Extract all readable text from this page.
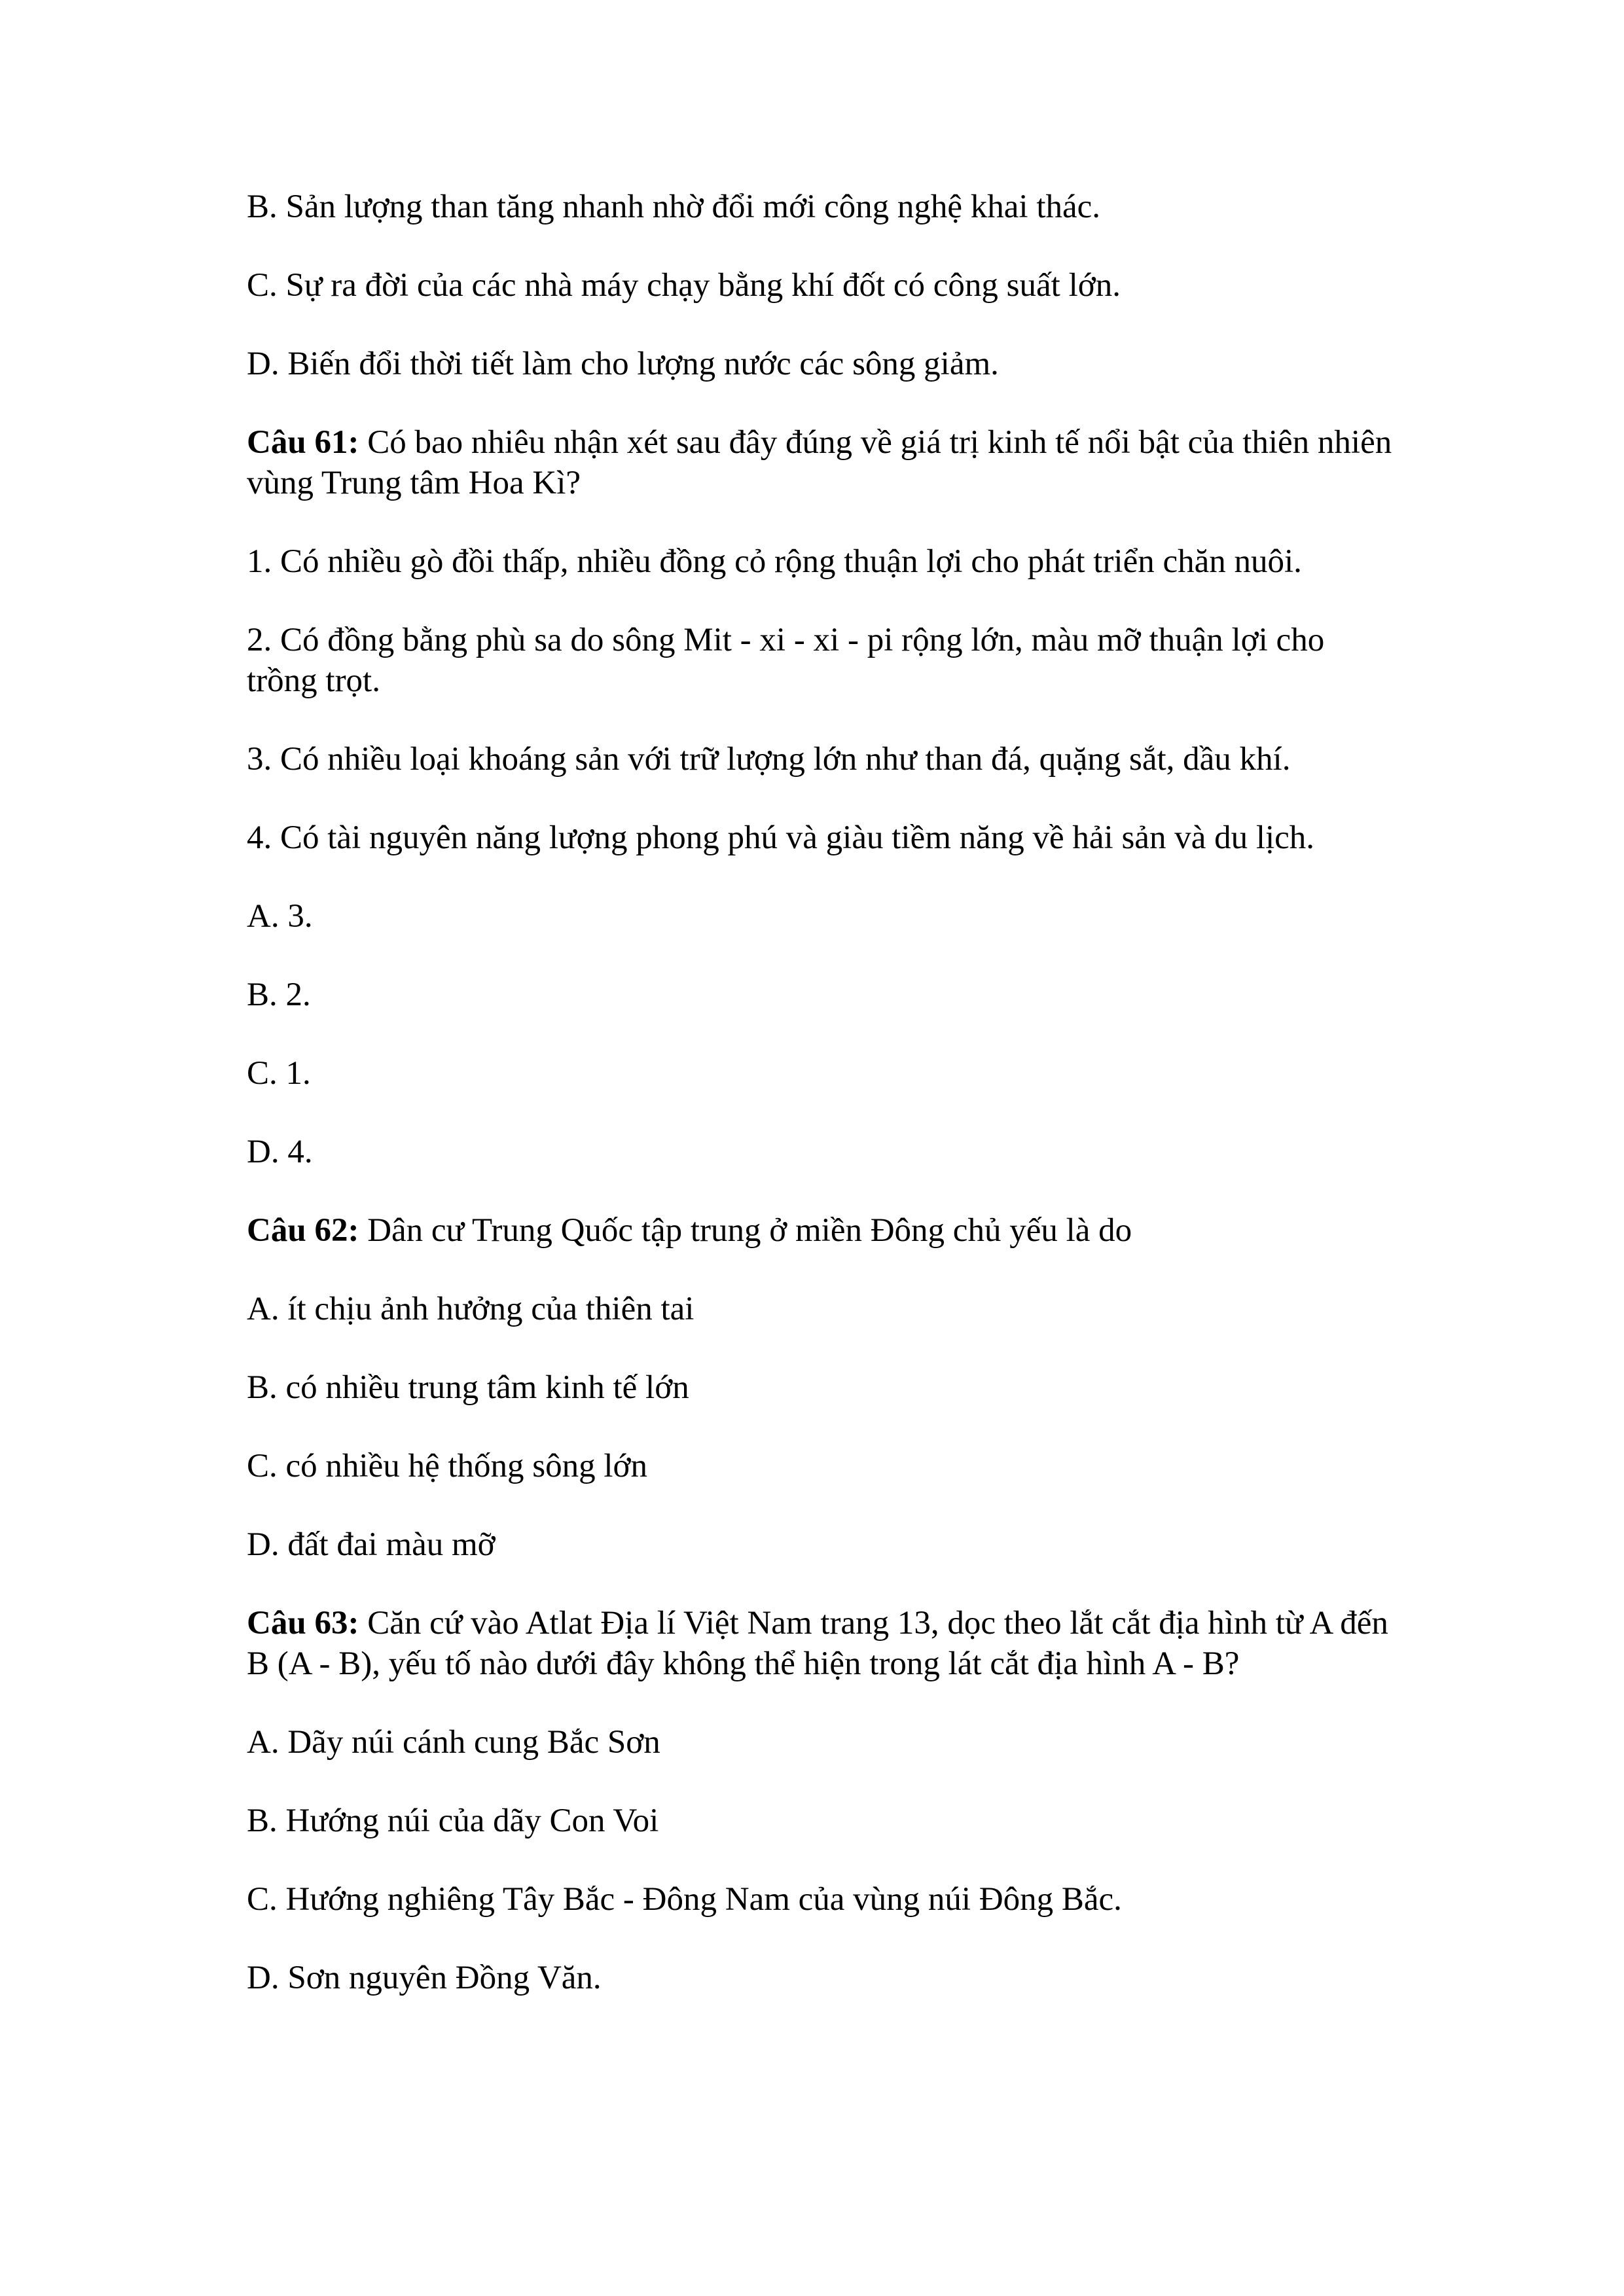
B. Sản lượng than tăng nhanh nhờ đổi mới công nghệ khai thác.

C. Sự ra đời của các nhà máy chạy bằng khí đốt có công suất lớn.

D. Biến đổi thời tiết làm cho lượng nước các sông giảm.

Câu 61: Có bao nhiêu nhận xét sau đây đúng về giá trị kinh tế nổi bật của thiên nhiên vùng Trung tâm Hoa Kì?

1. Có nhiều gò đồi thấp, nhiều đồng cỏ rộng thuận lợi cho phát triển chăn nuôi.

2. Có đồng bằng phù sa do sông Mit - xi - xi - pi rộng lớn, màu mỡ thuận lợi cho trồng trọt.

3. Có nhiều loại khoáng sản với trữ lượng lớn như than đá, quặng sắt, dầu khí.

4. Có tài nguyên năng lượng phong phú và giàu tiềm năng về hải sản và du lịch.

A. 3.

B. 2.

C. 1.

D. 4.

Câu 62: Dân cư Trung Quốc tập trung ở miền Đông chủ yếu là do

A. ít chịu ảnh hưởng của thiên tai

B. có nhiều trung tâm kinh tế lớn

C. có nhiều hệ thống sông lớn

D. đất đai màu mỡ

Câu 63: Căn cứ vào Atlat Địa lí Việt Nam trang 13, dọc theo lắt cắt địa hình từ A đến B (A - B), yếu tố nào dưới đây không thể hiện trong lát cắt địa hình A - B?

A. Dãy núi cánh cung Bắc Sơn

B. Hướng núi của dãy Con Voi

C. Hướng nghiêng Tây Bắc - Đông Nam của vùng núi Đông Bắc.

D. Sơn nguyên Đồng Văn.
